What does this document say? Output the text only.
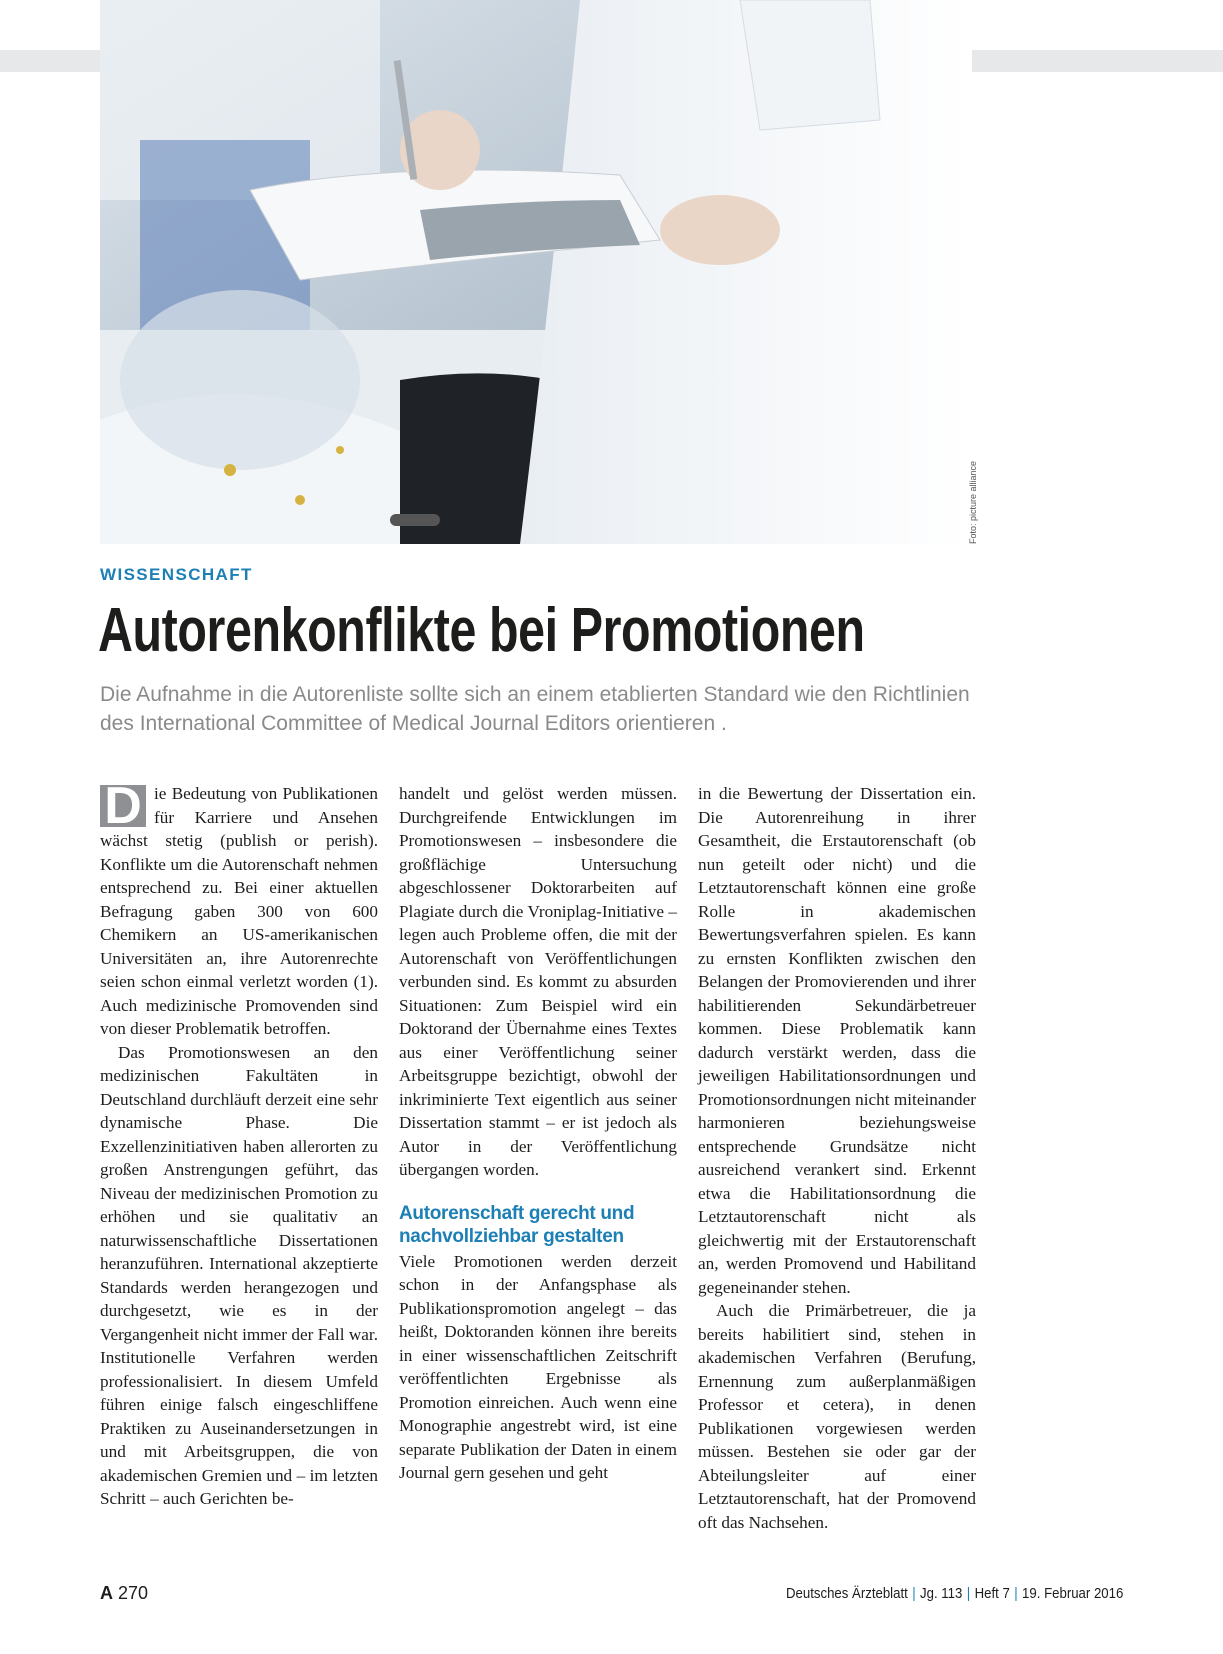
Foto: picture alliance
WISSENSCHAFT
Autorenkonflikte bei Promotionen
Die Aufnahme in die Autorenliste sollte sich an einem etablierten Standard wie den Richtlinien des International Committee of Medical Journal Editors orientieren .

D ie Bedeutung von Publikationen für Karriere und Ansehen wächst stetig (publish or perish). Konflikte um die Autorenschaft nehmen entsprechend zu. Bei einer aktuellen Befragung gaben 300 von 600 Chemikern an US-amerikanischen Universitäten an, ihre Autorenrechte seien schon einmal verletzt worden (1). Auch medizinische Promovenden sind von dieser Problematik betroffen.

Das Promotionswesen an den medizinischen Fakultäten in Deutschland durchläuft derzeit eine sehr dynamische Phase. Die Exzellenzinitiativen haben allerorten zu großen Anstrengungen geführt, das Niveau der medizinischen Promotion zu erhöhen und sie qualitativ an naturwissenschaftliche Dissertationen heranzuführen. International akzeptierte Standards werden herangezogen und durchgesetzt, wie es in der Vergangenheit nicht immer der Fall war. Institutionelle Verfahren werden professionalisiert. In diesem Umfeld führen einige falsch eingeschliffene Praktiken zu Auseinandersetzungen in und mit Arbeitsgruppen, die von akademischen Gremien und – im letzten Schritt – auch Gerichten be-

handelt und gelöst werden müssen. Durchgreifende Entwicklungen im Promotionswesen – insbesondere die großflächige Untersuchung abgeschlossener Doktorarbeiten auf Plagiate durch die Vroniplag-Initiative – legen auch Probleme offen, die mit der Autorenschaft von Veröffentlichungen verbunden sind. Es kommt zu absurden Situationen: Zum Beispiel wird ein Doktorand der Übernahme eines Textes aus einer Veröffentlichung seiner Arbeitsgruppe bezichtigt, obwohl der inkriminierte Text eigentlich aus seiner Dissertation stammt – er ist jedoch als Autor in der Veröffentlichung übergangen worden.

Autorenschaft gerecht und nachvollziehbar gestalten

Viele Promotionen werden derzeit schon in der Anfangsphase als Publikationspromotion angelegt – das heißt, Doktoranden können ihre bereits in einer wissenschaftlichen Zeitschrift veröffentlichten Ergebnisse als Promotion einreichen. Auch wenn eine Monographie angestrebt wird, ist eine separate Publikation der Daten in einem Journal gern gesehen und geht

in die Bewertung der Dissertation ein. Die Autorenreihung in ihrer Gesamtheit, die Erstautorenschaft (ob nun geteilt oder nicht) und die Letztautorenschaft können eine große Rolle in akademischen Bewertungsverfahren spielen. Es kann zu ernsten Konflikten zwischen den Belangen der Promovierenden und ihrer habilitierenden Sekundärbetreuer kommen. Diese Problematik kann dadurch verstärkt werden, dass die jeweiligen Habilitationsordnungen und Promotionsordnungen nicht miteinander harmonieren beziehungsweise entsprechende Grundsätze nicht ausreichend verankert sind. Erkennt etwa die Habilitationsordnung die Letztautorenschaft nicht als gleichwertig mit der Erstautorenschaft an, werden Promovend und Habilitand gegeneinander stehen.

Auch die Primärbetreuer, die ja bereits habilitiert sind, stehen in akademischen Verfahren (Berufung, Ernennung zum außerplanmäßigen Professor et cetera), in denen Publikationen vorgewiesen werden müssen. Bestehen sie oder gar der Abteilungsleiter auf einer Letztautorenschaft, hat der Promovend oft das Nachsehen.

A 270	Deutsches Ärzteblatt | Jg. 113 | Heft 7 | 19. Februar 2016
